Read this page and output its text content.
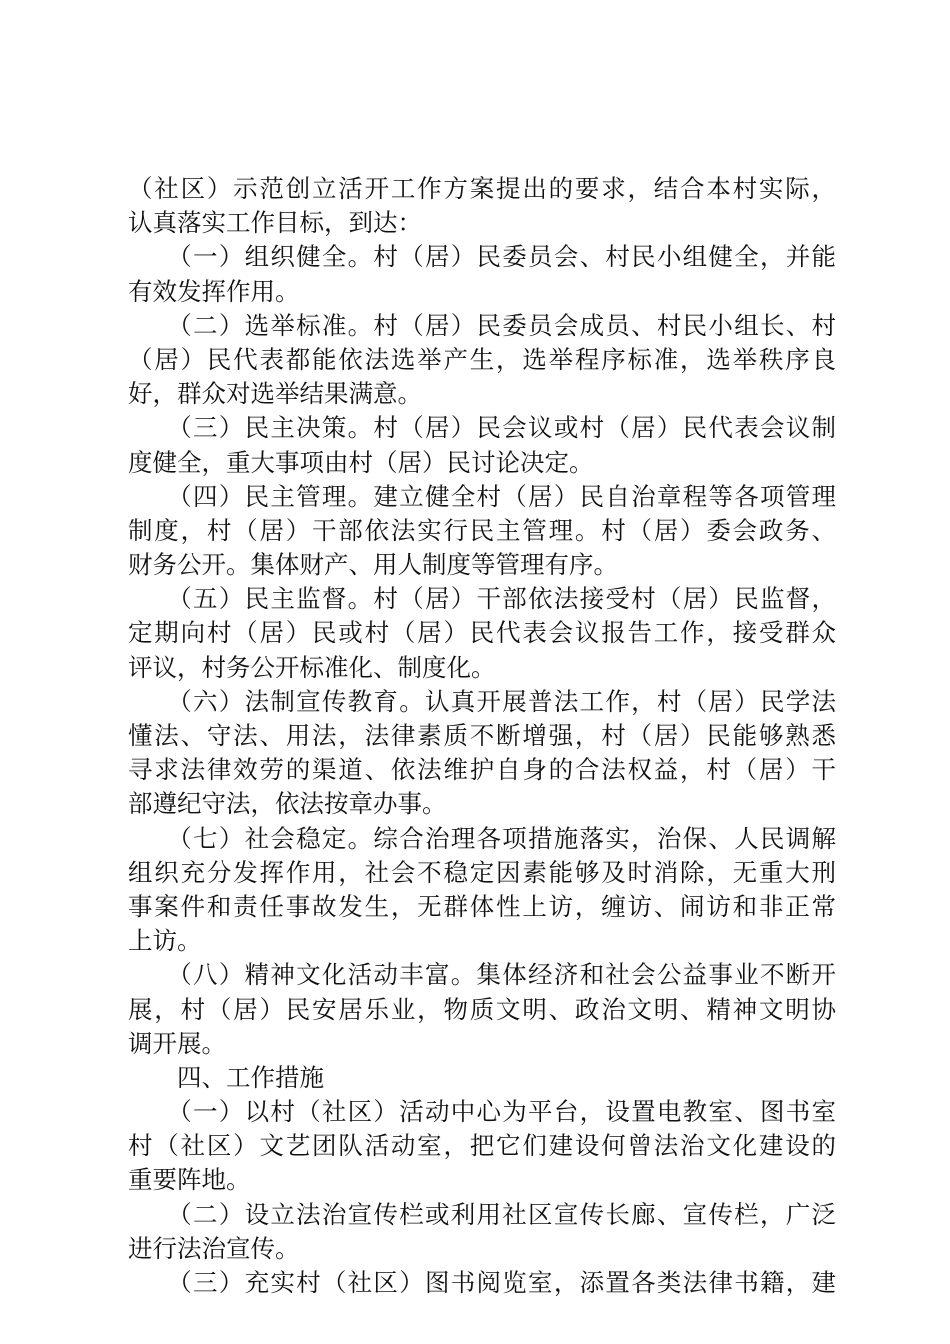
（社区）示范创立活开工作方案提出的要求，结合本村实际，
认真落实工作目标，到达：
　　（一）组织健全。村（居）民委员会、村民小组健全，并能
有效发挥作用。
　　（二）选举标准。村（居）民委员会成员、村民小组长、村
（居）民代表都能依法选举产生，选举程序标准，选举秩序良
好，群众对选举结果满意。
　　（三）民主决策。村（居）民会议或村（居）民代表会议制
度健全，重大事项由村（居）民讨论决定。
　　（四）民主管理。建立健全村（居）民自治章程等各项管理
制度，村（居）干部依法实行民主管理。村（居）委会政务、
财务公开。集体财产、用人制度等管理有序。
　　（五）民主监督。村（居）干部依法接受村（居）民监督，
定期向村（居）民或村（居）民代表会议报告工作，接受群众
评议，村务公开标准化、制度化。
　　（六）法制宣传教育。认真开展普法工作，村（居）民学法
懂法、守法、用法，法律素质不断增强，村（居）民能够熟悉
寻求法律效劳的渠道、依法维护自身的合法权益，村（居）干
部遵纪守法，依法按章办事。
　　（七）社会稳定。综合治理各项措施落实，治保、人民调解
组织充分发挥作用，社会不稳定因素能够及时消除，无重大刑
事案件和责任事故发生，无群体性上访，缠访、闹访和非正常
上访。
　　（八）精神文化活动丰富。集体经济和社会公益事业不断开
展，村（居）民安居乐业，物质文明、政治文明、精神文明协
调开展。
　　四、工作措施
　　（一）以村（社区）活动中心为平台，设置电教室、图书室
村（社区）文艺团队活动室，把它们建设何曾法治文化建设的
重要阵地。
　　（二）设立法治宣传栏或利用社区宣传长廊、宣传栏，广泛
进行法治宣传。
　　（三）充实村（社区）图书阅览室，添置各类法律书籍，建
